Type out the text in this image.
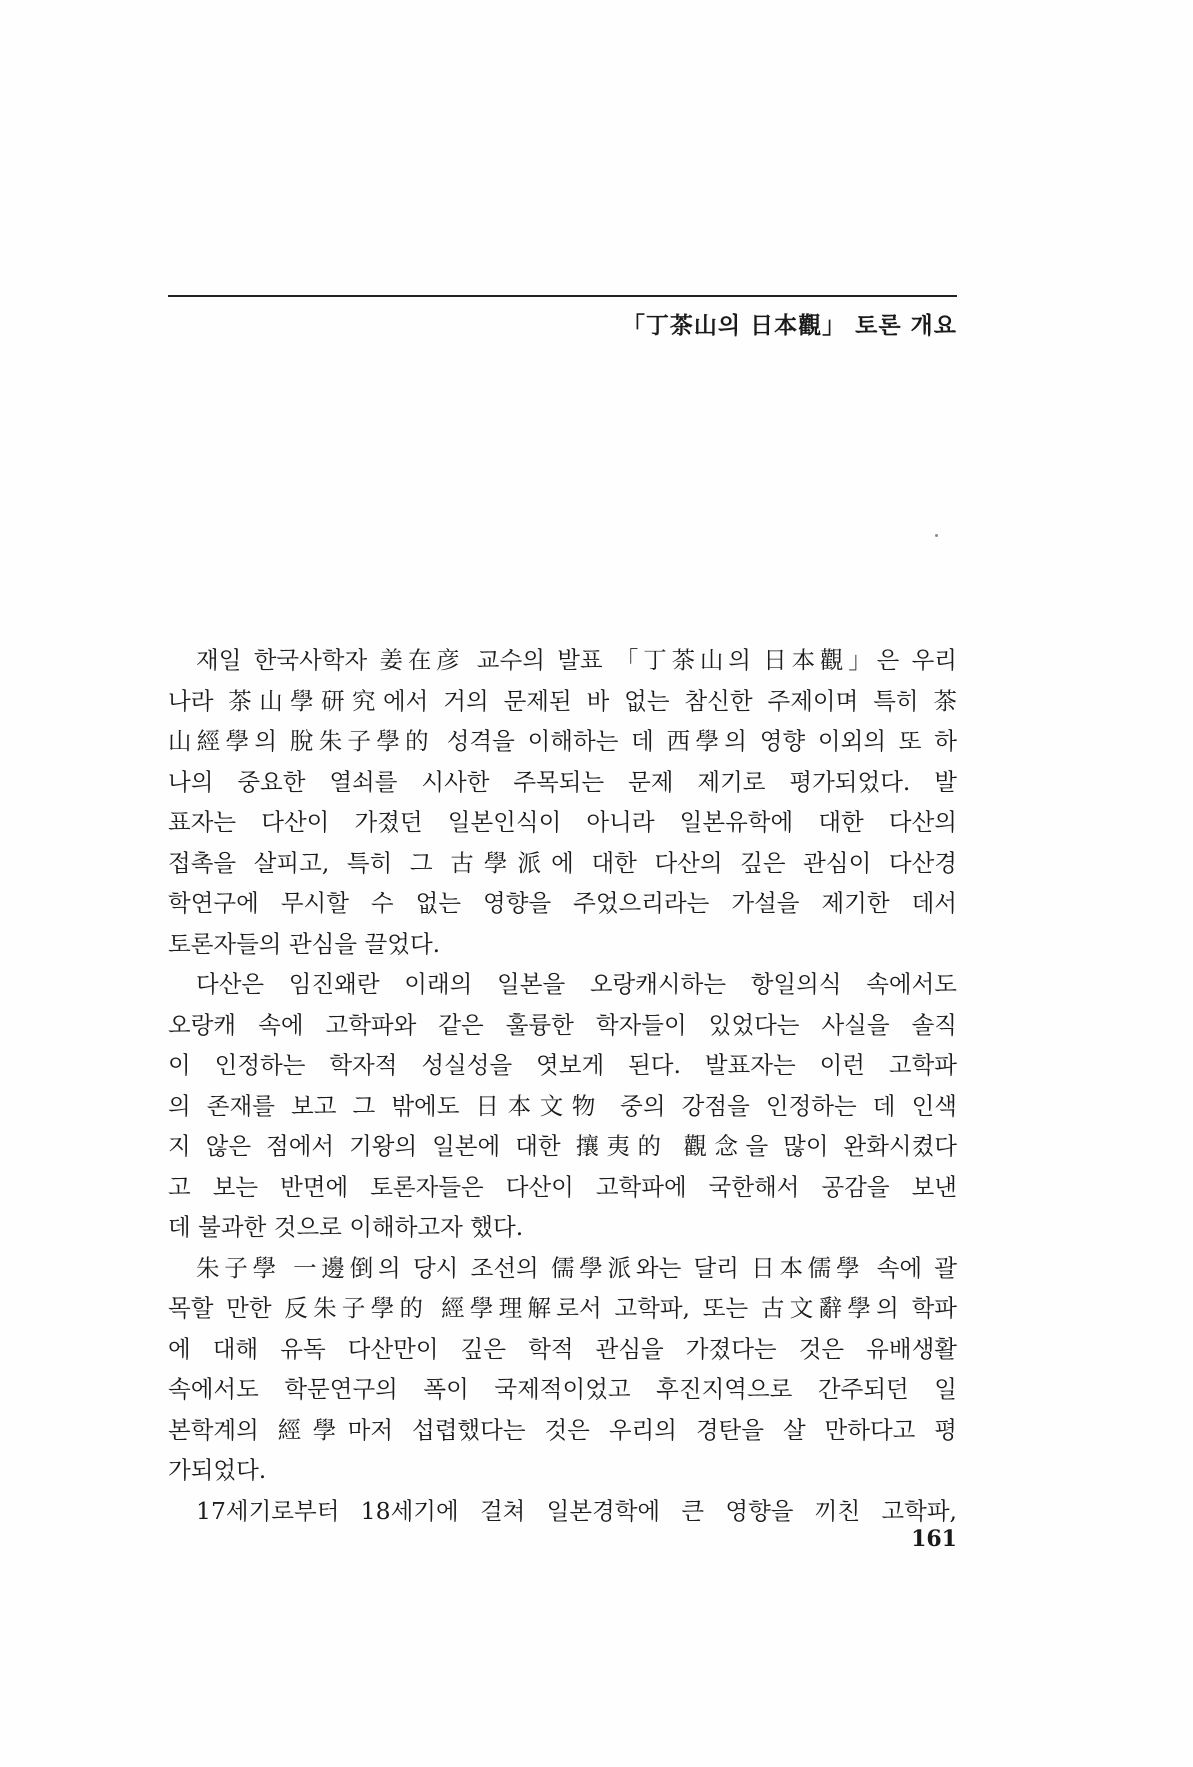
「丁茶山의 日本觀」 토론 개요
재일 한국사학자 姜在彦 교수의 발표 「丁茶山의 日本觀」은 우리
나라 茶山學研究에서 거의 문제된 바 없는 참신한 주제이며 특히 茶
山經學의 脫朱子學的 성격을 이해하는 데 西學의 영향 이외의 또 하
나의 중요한 열쇠를 시사한 주목되는 문제 제기로 평가되었다. 발
표자는 다산이 가졌던 일본인식이 아니라 일본유학에 대한 다산의
접촉을 살피고, 특히 그 古學派에 대한 다산의 깊은 관심이 다산경
학연구에 무시할 수 없는 영향을 주었으리라는 가설을 제기한 데서
토론자들의 관심을 끌었다.
다산은 임진왜란 이래의 일본을 오랑캐시하는 항일의식 속에서도
오랑캐 속에 고학파와 같은 훌륭한 학자들이 있었다는 사실을 솔직
이 인정하는 학자적 성실성을 엿보게 된다. 발표자는 이런 고학파
의 존재를 보고 그 밖에도 日本文物 중의 강점을 인정하는 데 인색
지 않은 점에서 기왕의 일본에 대한 攘夷的 觀念을 많이 완화시켰다
고 보는 반면에 토론자들은 다산이 고학파에 국한해서 공감을 보낸
데 불과한 것으로 이해하고자 했다.
朱子學 一邊倒의 당시 조선의 儒學派와는 달리 日本儒學 속에 괄
목할 만한 反朱子學的 經學理解로서 고학파, 또는 古文辭學의 학파
에 대해 유독 다산만이 깊은 학적 관심을 가졌다는 것은 유배생활
속에서도 학문연구의 폭이 국제적이었고 후진지역으로 간주되던 일
본학계의 經學마저 섭렵했다는 것은 우리의 경탄을 살 만하다고 평
가되었다.
17세기로부터 18세기에 걸쳐 일본경학에 큰 영향을 끼친 고학파,
161
